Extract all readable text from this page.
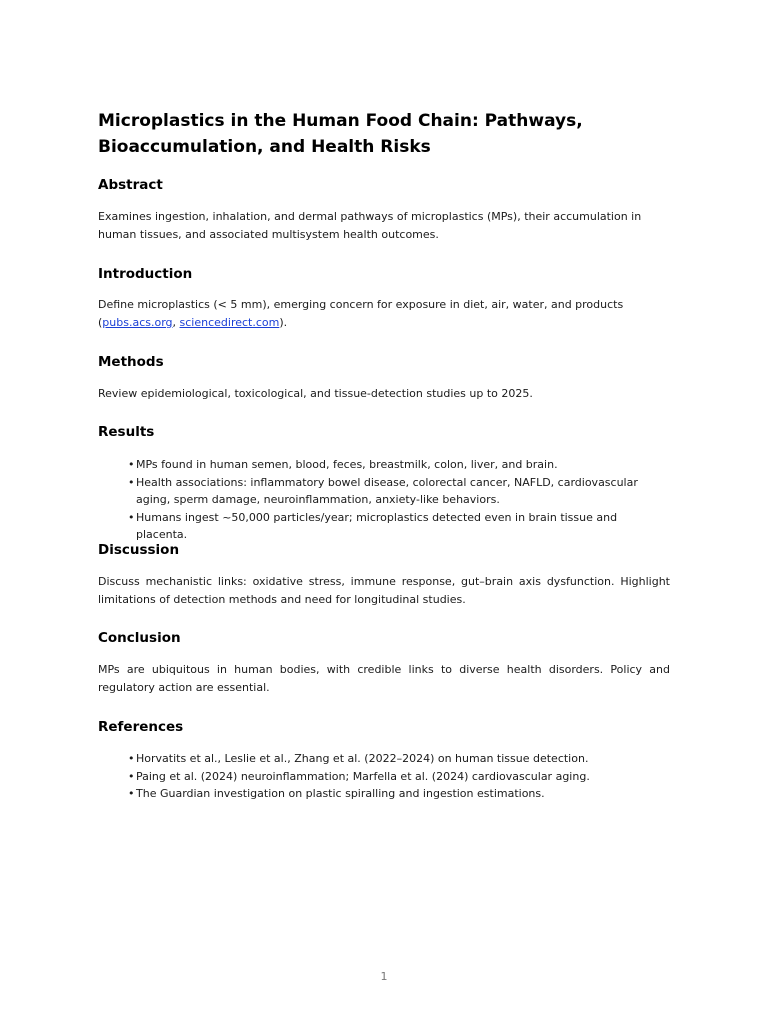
Microplastics in the Human Food Chain: Pathways, Bioaccumulation, and Health Risks
Abstract

Examines ingestion, inhalation, and dermal pathways of microplastics (MPs), their accumulation in human tissues, and associated multisystem health outcomes.

Introduction

Define microplastics (< 5 mm), emerging concern for exposure in diet, air, water, and products (pubs.acs.org, sciencedirect.com).

Methods

Review epidemiological, toxicological, and tissue-detection studies up to 2025.

Results
• MPs found in human semen, blood, feces, breastmilk, colon, liver, and brain.
• Health associations: inflammatory bowel disease, colorectal cancer, NAFLD, cardiovascular aging, sperm damage, neuroinflammation, anxiety-like behaviors.
• Humans ingest ~50,000 particles/year; microplastics detected even in brain tissue and placenta.
Discussion

Discuss mechanistic links: oxidative stress, immune response, gut–brain axis dysfunction. Highlight limitations of detection methods and need for longitudinal studies.

Conclusion

MPs are ubiquitous in human bodies, with credible links to diverse health disorders. Policy and regulatory action are essential.

References
• Horvatits et al., Leslie et al., Zhang et al. (2022–2024) on human tissue detection.
• Paing et al. (2024) neuroinflammation; Marfella et al. (2024) cardiovascular aging.
• The Guardian investigation on plastic spiralling and ingestion estimations.
1
